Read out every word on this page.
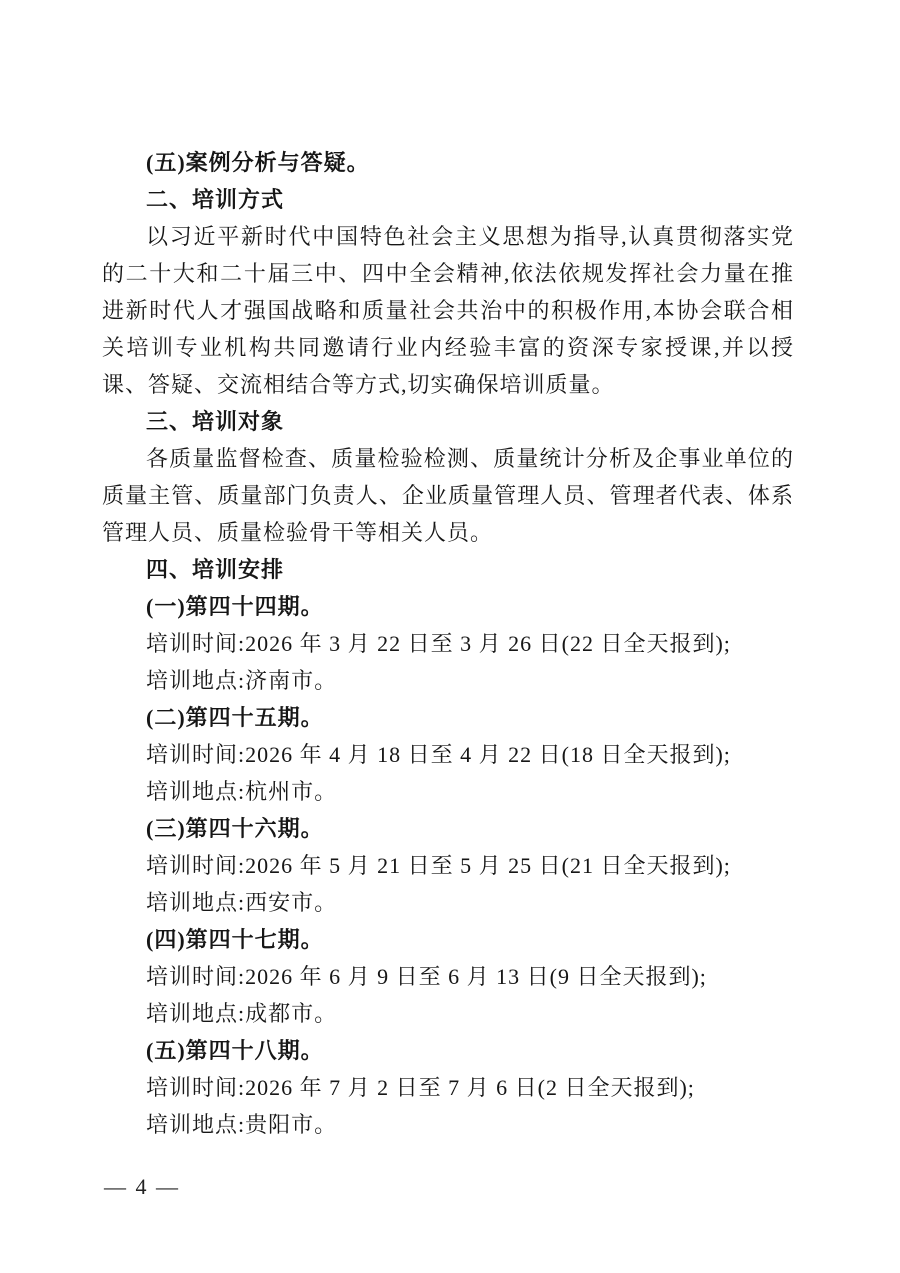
(五)案例分析与答疑。

二、培训方式

以习近平新时代中国特色社会主义思想为指导,认真贯彻落实党的二十大和二十届三中、四中全会精神,依法依规发挥社会力量在推进新时代人才强国战略和质量社会共治中的积极作用,本协会联合相关培训专业机构共同邀请行业内经验丰富的资深专家授课,并以授课、答疑、交流相结合等方式,切实确保培训质量。

三、培训对象

各质量监督检查、质量检验检测、质量统计分析及企事业单位的质量主管、质量部门负责人、企业质量管理人员、管理者代表、体系管理人员、质量检验骨干等相关人员。

四、培训安排

(一)第四十四期。

培训时间:2026 年 3 月 22 日至 3 月 26 日(22 日全天报到);

培训地点:济南市。

(二)第四十五期。

培训时间:2026 年 4 月 18 日至 4 月 22 日(18 日全天报到);

培训地点:杭州市。

(三)第四十六期。

培训时间:2026 年 5 月 21 日至 5 月 25 日(21 日全天报到);

培训地点:西安市。

(四)第四十七期。

培训时间:2026 年 6 月 9 日至 6 月 13 日(9 日全天报到);

培训地点:成都市。

(五)第四十八期。

培训时间:2026 年 7 月 2 日至 7 月 6 日(2 日全天报到);

培训地点:贵阳市。

— 4 —
